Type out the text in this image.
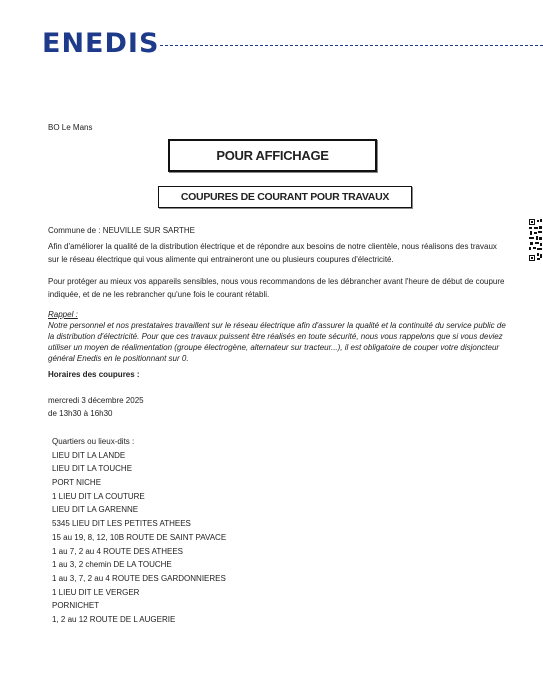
ENEDIS
BO Le Mans
POUR AFFICHAGE
COUPURES DE COURANT POUR TRAVAUX
Commune de : NEUVILLE SUR SARTHE
Afin d'améliorer la qualité de la distribution électrique et de répondre aux besoins de notre clientèle, nous réalisons des travaux sur le réseau électrique qui vous alimente qui entraineront une ou plusieurs coupures d'électricité.
Pour protéger au mieux vos appareils sensibles, nous vous recommandons de les débrancher avant l'heure de début de coupure indiquée, et de ne les rebrancher qu'une fois le courant rétabli.
Rappel :
Notre personnel et nos prestataires travaillent sur le réseau électrique afin d'assurer la qualité et la continuité du service public de la distribution d'électricité. Pour que ces travaux puissent être réalisés en toute sécurité, nous vous rappelons que si vous deviez utiliser un moyen de réalimentation (groupe électrogène, alternateur sur tracteur...), il est obligatoire de couper votre disjoncteur général Enedis en le positionnant sur 0.
Horaires des coupures :
mercredi 3 décembre 2025
de 13h30 à 16h30
Quartiers ou lieux-dits :
LIEU DIT LA LANDE
LIEU DIT LA TOUCHE
PORT NICHE
1 LIEU DIT LA COUTURE
LIEU DIT LA GARENNE
5345 LIEU DIT LES PETITES ATHEES
15 au 19, 8, 12, 10B ROUTE DE SAINT PAVACE
1 au 7, 2 au 4 ROUTE DES ATHEES
1 au 3, 2 chemin DE LA TOUCHE
1 au 3, 7, 2 au 4 ROUTE DES GARDONNIERES
1 LIEU DIT LE VERGER
PORNICHET
1, 2 au 12 ROUTE DE L AUGERIE
